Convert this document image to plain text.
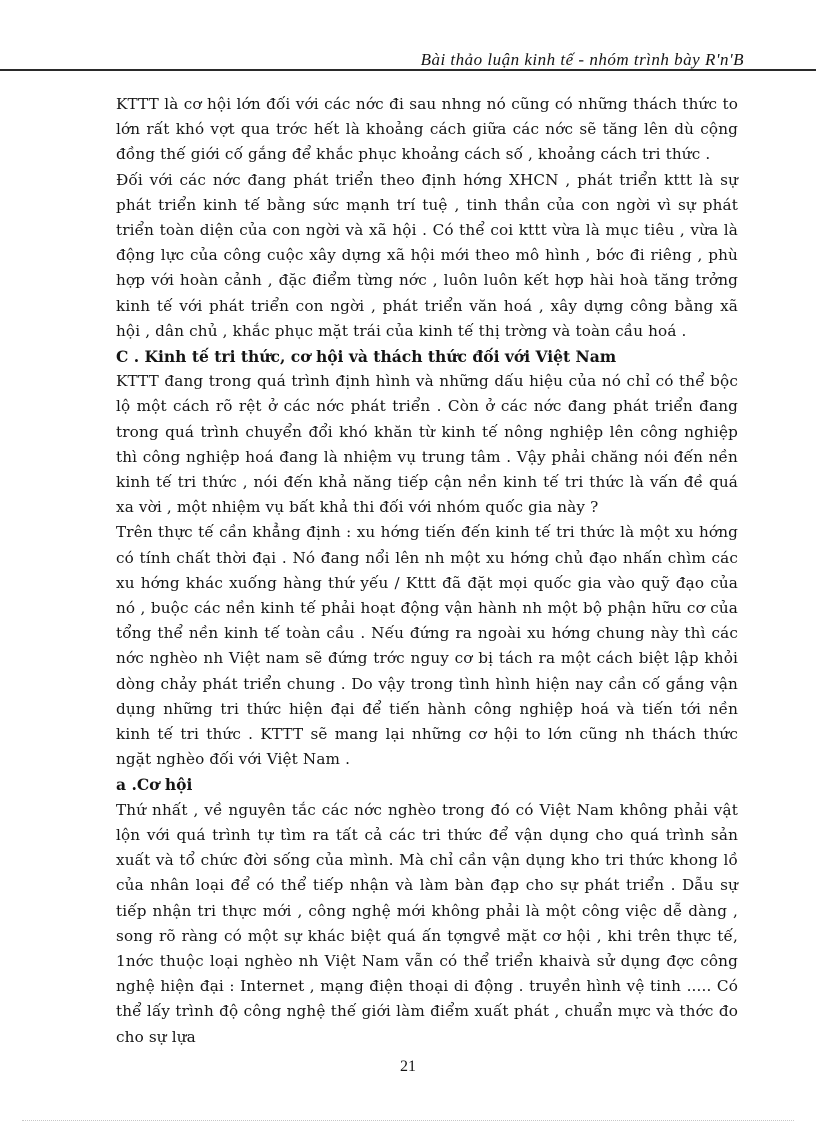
Bài thảo luận kinh tế - nhóm trình bày R'n'B

KTTT là cơ hội lớn đối với các nớc đi sau nhng nó cũng có những thách thức to lớn rất khó vợt qua trớc hết là khoảng cách giữa các nớc sẽ tăng lên dù cộng đồng thế giới cố gắng để khắc phục khoảng cách số , khoảng cách tri thức .

Đối với các nớc đang phát triển theo định hớng XHCN , phát triển kttt là sự phát triển kinh tế bằng sức mạnh trí tuệ , tinh thần của con ngời vì sự phát triển toàn diện của con ngời và xã hội . Có thể coi kttt vừa là mục tiêu , vừa là động lực của công cuộc xây dựng xã hội mới theo mô hình , bớc đi riêng , phù hợp với hoàn cảnh , đặc điểm từng nớc , luôn luôn kết hợp hài hoà tăng trởng kinh tế với phát triển con ngời , phát triển văn hoá , xây dựng công bằng xã hội , dân chủ , khắc phục mặt trái của kinh tế thị trờng và toàn cầu hoá .

C . Kinh tế tri thức, cơ hội và thách thức đối với Việt Nam

KTTT đang trong quá trình định hình và những dấu hiệu của nó chỉ có thể bộc lộ một cách rõ rệt ở các nớc phát triển . Còn ở các nớc đang phát triển đang trong quá trình chuyển đổi khó khăn từ kinh tế nông nghiệp lên công nghiệp thì công nghiệp hoá đang là nhiệm vụ trung tâm . Vậy phải chăng nói đến nền kinh tế tri thức , nói đến khả năng tiếp cận nền kinh tế tri thức là vấn đề quá xa vời , một nhiệm vụ bất khả thi đối với nhóm quốc gia này ?

Trên thực tế cần khẳng định : xu hớng tiến đến kinh tế tri thức là một xu hớng có tính chất thời đại . Nó đang nổi lên nh một xu hớng chủ đạo nhấn chìm các xu hớng khác xuống hàng thứ yếu / Kttt đã đặt mọi quốc gia vào quỹ đạo của nó , buộc các nền kinh tế phải hoạt động vận hành nh một bộ phận hữu cơ của tổng thể nền kinh tế toàn cầu . Nếu đứng ra ngoài xu hớng chung này thì các nớc nghèo nh Việt nam sẽ đứng trớc nguy cơ bị tách ra một cách biệt lập khỏi dòng chảy phát triển chung . Do vậy trong tình hình hiện nay cần cố gắng vận dụng những tri thức hiện đại để tiến hành công nghiệp hoá và tiến tới nền kinh tế tri thức . KTTT sẽ mang lại những cơ hội to lớn cũng nh thách thức ngặt nghèo đối với Việt Nam .

a .Cơ hội

Thứ nhất , về nguyên tắc các nớc nghèo trong đó có Việt Nam không phải vật lộn với quá trình tự tìm ra tất cả các tri thức để vận dụng cho quá trình sản xuất và tổ chức đời sống của mình. Mà chỉ cần vận dụng kho tri thức khong lồ của nhân loại để có thể tiếp nhận và làm bàn đạp cho sự phát triển . Dẫu sự tiếp nhận tri thực mới , công nghệ mới không phải là một công việc dễ dàng , song rõ ràng có một sự khác biệt quá ấn tợngvề mặt cơ hội , khi trên thực tế, 1nớc thuộc loại nghèo nh Việt Nam vẫn có thể triển khaivà sử dụng đợc công nghệ hiện đại : Internet , mạng điện thoại di động . truyền hình vệ tinh ..... Có thể lấy trình độ công nghệ thế giới làm điểm xuất phát , chuẩn mực và thớc đo cho sự lựa

21
